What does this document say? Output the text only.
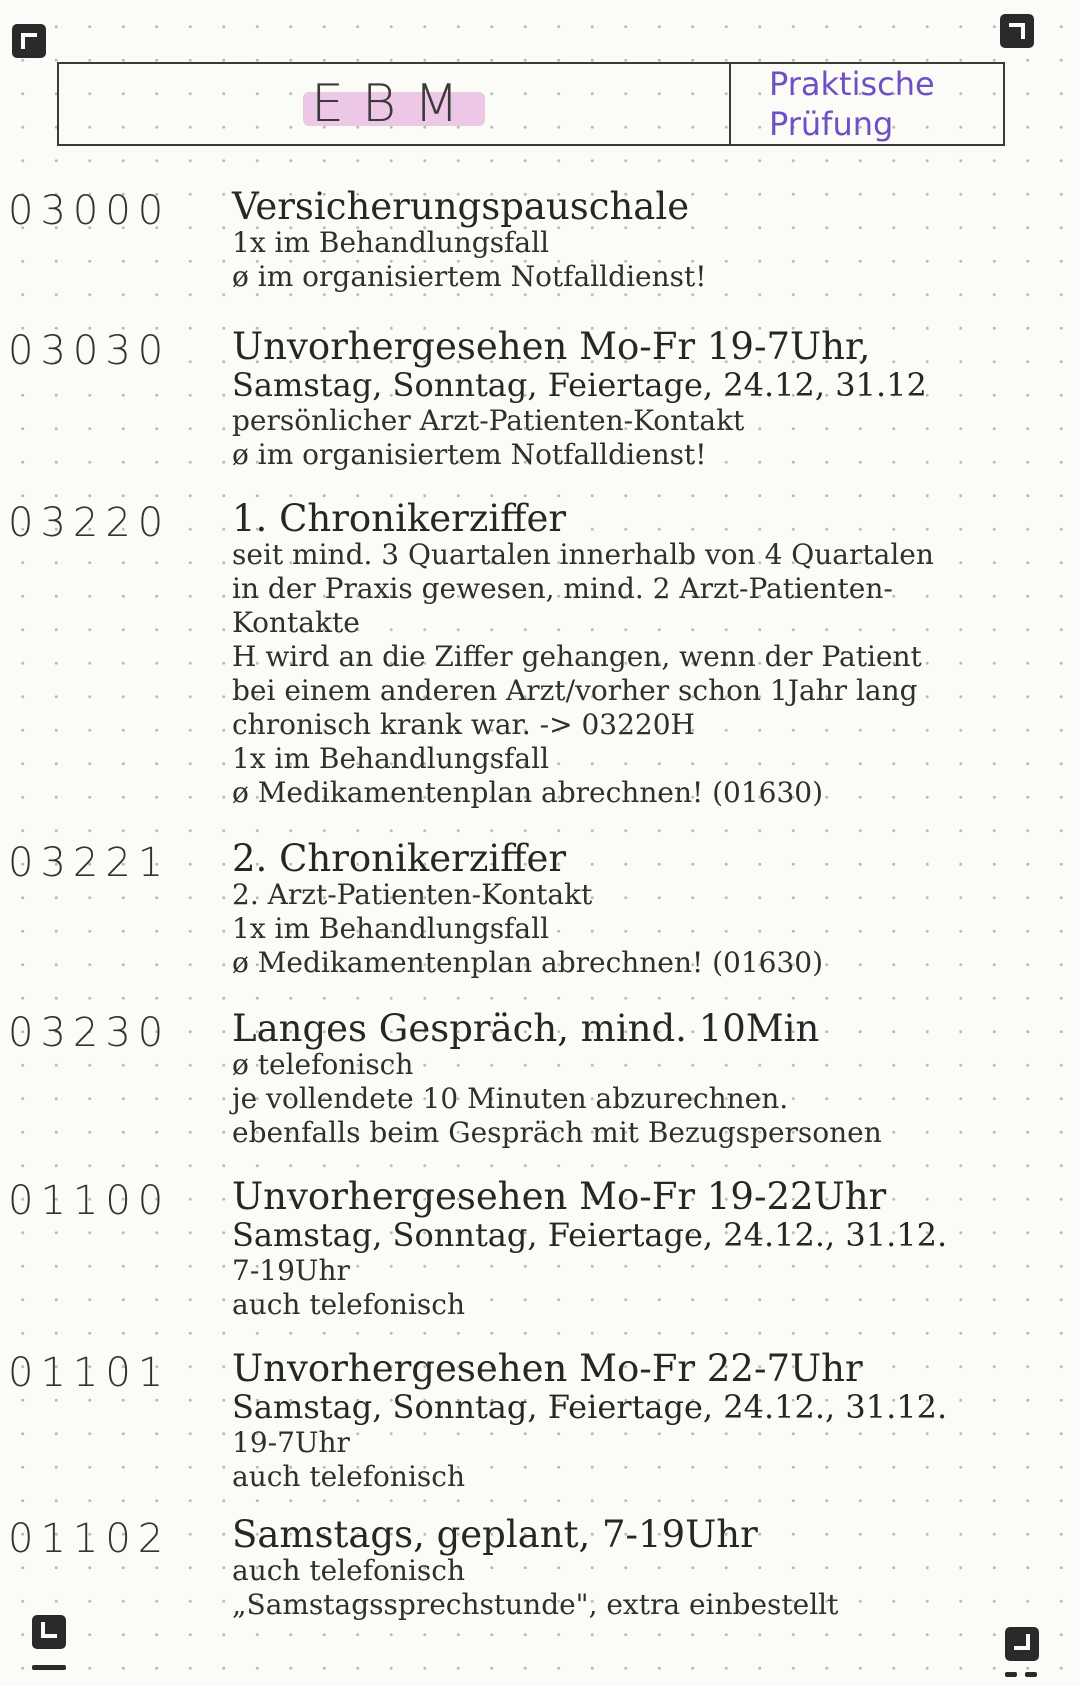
EBM	Praktische
Prüfung
03000 Versicherungspauschale
1x im Behandlungsfall
ø im organisiertem Notfalldienst!
03030 Unvorhergesehen Mo-Fr 19-7Uhr,
Samstag, Sonntag, Feiertage, 24.12, 31.12
persönlicher Arzt-Patienten-Kontakt
ø im organisiertem Notfalldienst!
03220 1. Chronikerziffer
seit mind. 3 Quartalen innerhalb von 4 Quartalen
in der Praxis gewesen, mind. 2 Arzt-Patienten-
Kontakte
H wird an die Ziffer gehangen, wenn der Patient
bei einem anderen Arzt/vorher schon 1Jahr lang
chronisch krank war. -> 03220H
1x im Behandlungsfall
ø Medikamentenplan abrechnen! (01630)
03221 2. Chronikerziffer
2. Arzt-Patienten-Kontakt
1x im Behandlungsfall
ø Medikamentenplan abrechnen! (01630)
03230 Langes Gespräch, mind. 10Min
ø telefonisch
je vollendete 10 Minuten abzurechnen.
ebenfalls beim Gespräch mit Bezugspersonen
01100 Unvorhergesehen Mo-Fr 19-22Uhr
Samstag, Sonntag, Feiertage, 24.12., 31.12.
7-19Uhr
auch telefonisch
01101 Unvorhergesehen Mo-Fr 22-7Uhr
Samstag, Sonntag, Feiertage, 24.12., 31.12.
19-7Uhr
auch telefonisch
01102 Samstags, geplant, 7-19Uhr
auch telefonisch
„Samstagssprechstunde", extra einbestellt
